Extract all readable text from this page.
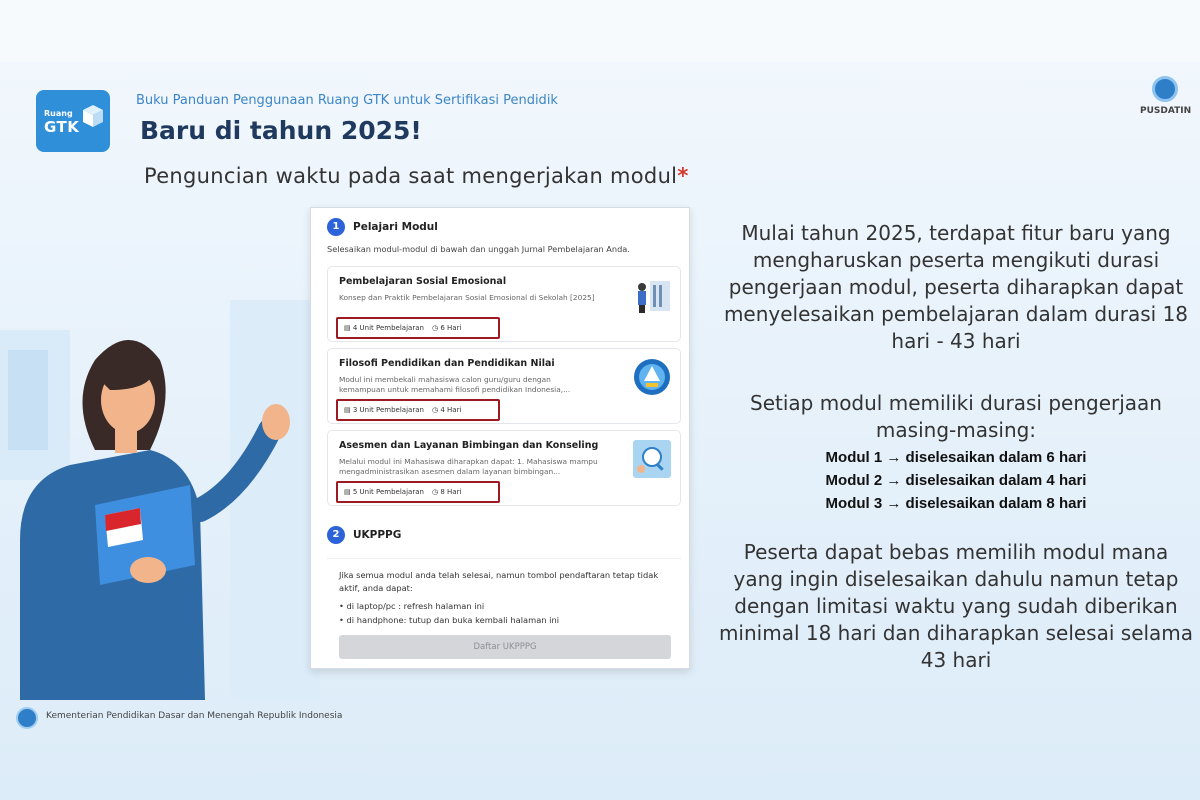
Ruang
GTK
Buku Panduan Penggunaan Ruang GTK untuk Sertifikasi Pendidik
Baru di tahun 2025!
Penguncian waktu pada saat mengerjakan modul*
PUSDATIN
1	Pelajari Modul
Selesaikan modul-modul di bawah dan unggah Jurnal Pembelajaran Anda.
Pembelajaran Sosial Emosional
Konsep dan Praktik Pembelajaran Sosial Emosional di Sekolah [2025]
▤ 4 Unit Pembelajaran ◷ 6 Hari
Filosofi Pendidikan dan Pendidikan Nilai
Modul ini membekali mahasiswa calon guru/guru dengan kemampuan untuk memahami filosofi pendidikan Indonesia,...
▤ 3 Unit Pembelajaran ◷ 4 Hari
Asesmen dan Layanan Bimbingan dan Konseling
Melalui modul ini Mahasiswa diharapkan dapat: 1. Mahasiswa mampu mengadministrasikan asesmen dalam layanan bimbingan...
▤ 5 Unit Pembelajaran ◷ 8 Hari
2	UKPPPG
Jika semua modul anda telah selesai, namun tombol pendaftaran tetap tidak aktif, anda dapat:
• di laptop/pc : refresh halaman ini
• di handphone: tutup dan buka kembali halaman ini
Daftar UKPPPG
Mulai tahun 2025, terdapat fitur baru yang mengharuskan peserta mengikuti durasi pengerjaan modul, peserta diharapkan dapat menyelesaikan pembelajaran dalam durasi 18 hari - 43 hari
Setiap modul memiliki durasi pengerjaan masing-masing:
Modul 1 → diselesaikan dalam 6 hari
Modul 2 → diselesaikan dalam 4 hari
Modul 3 → diselesaikan dalam 8 hari
Peserta dapat bebas memilih modul mana yang ingin diselesaikan dahulu namun tetap dengan limitasi waktu yang sudah diberikan minimal 18 hari dan diharapkan selesai selama 43 hari
Kementerian Pendidikan Dasar dan Menengah Republik Indonesia
